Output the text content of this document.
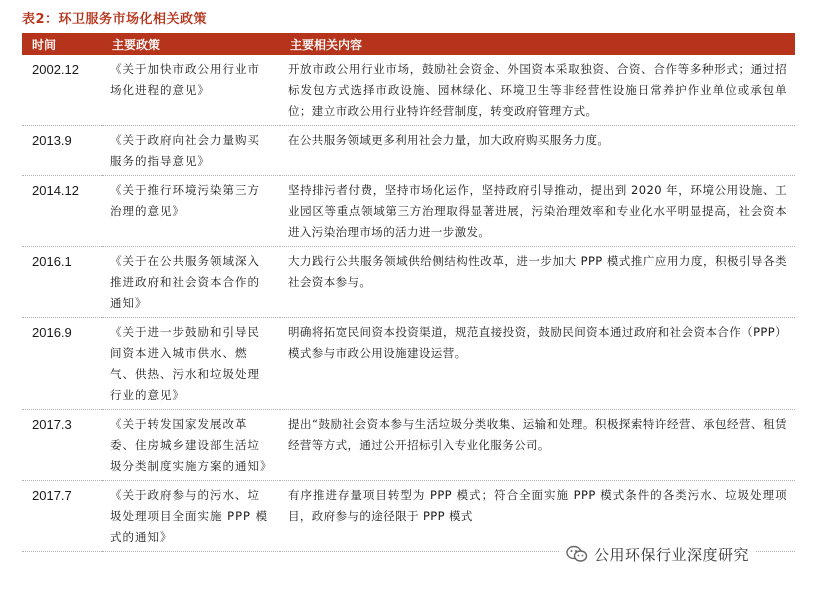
表2：环卫服务市场化相关政策
时间	主要政策	主要相关内容
2002.12	《关于加快市政公用行业市场化进程的意见》	开放市政公用行业市场，鼓励社会资金、外国资本采取独资、合资、合作等多种形式；通过招标发包方式选择市政设施、园林绿化、环境卫生等非经营性设施日常养护作业单位或承包单位；建立市政公用行业特许经营制度，转变政府管理方式。
2013.9	《关于政府向社会力量购买服务的指导意见》	在公共服务领域更多利用社会力量，加大政府购买服务力度。
2014.12	《关于推行环境污染第三方治理的意见》	坚持排污者付费，坚持市场化运作，坚持政府引导推动，提出到 2020 年，环境公用设施、工业园区等重点领域第三方治理取得显著进展，污染治理效率和专业化水平明显提高，社会资本进入污染治理市场的活力进一步激发。
2016.1	《关于在公共服务领域深入推进政府和社会资本合作的通知》	大力践行公共服务领域供给侧结构性改革，进一步加大 PPP 模式推广应用力度，积极引导各类社会资本参与。
2016.9	《关于进一步鼓励和引导民间资本进入城市供水、燃气、供热、污水和垃圾处理行业的意见》	明确将拓宽民间资本投资渠道，规范直接投资，鼓励民间资本通过政府和社会资本合作（PPP）模式参与市政公用设施建设运营。
2017.3	《关于转发国家发展改革委、住房城乡建设部生活垃圾分类制度实施方案的通知》	提出“鼓励社会资本参与生活垃圾分类收集、运输和处理。积极探索特许经营、承包经营、租赁经营等方式，通过公开招标引入专业化服务公司。
2017.7	《关于政府参与的污水、垃圾处理项目全面实施 PPP 模式的通知》	有序推进存量项目转型为 PPP 模式；符合全面实施 PPP 模式条件的各类污水、垃圾处理项目，政府参与的途径限于 PPP 模式
公用环保行业深度研究
